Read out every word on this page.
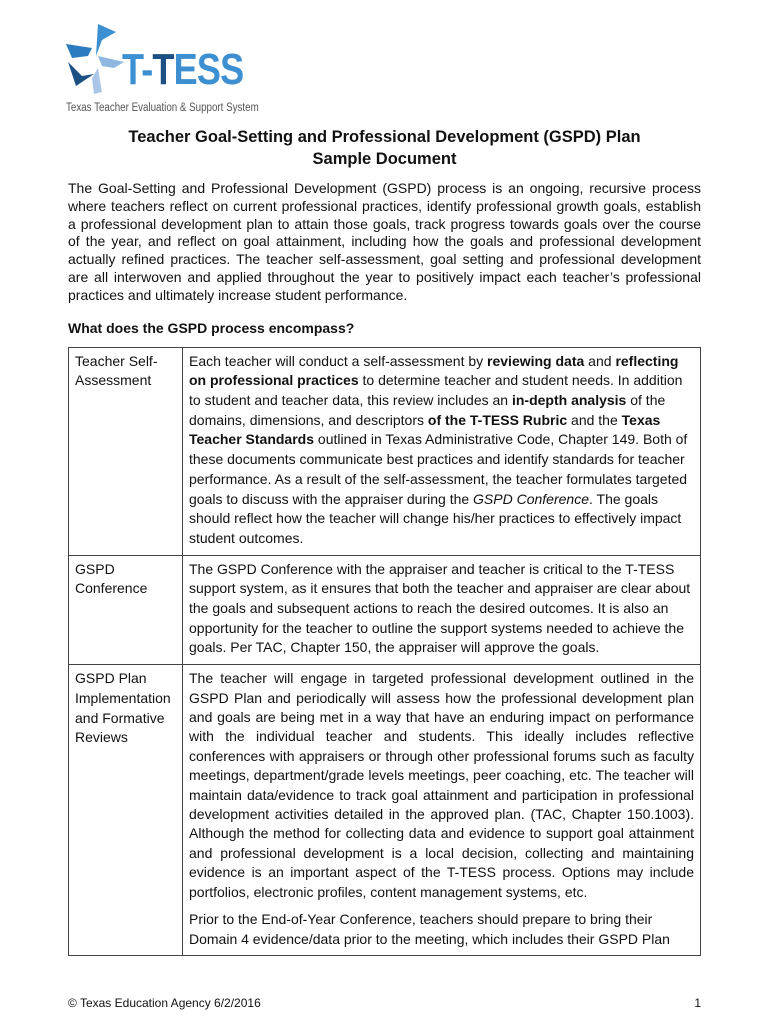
T-TESS
Texas Teacher Evaluation & Support System
Teacher Goal-Setting and Professional Development (GSPD) Plan
Sample Document

The Goal-Setting and Professional Development (GSPD) process is an ongoing, recursive process where teachers reflect on current professional practices, identify professional growth goals, establish a professional development plan to attain those goals, track progress towards goals over the course of the year, and reflect on goal attainment, including how the goals and professional development actually refined practices. The teacher self-assessment, goal setting and professional development are all interwoven and applied throughout the year to positively impact each teacher’s professional practices and ultimately increase student performance.

What does the GSPD process encompass?
Teacher Self-Assessment	Each teacher will conduct a self-assessment by reviewing data and reflecting on professional practices to determine teacher and student needs. In addition to student and teacher data, this review includes an in-depth analysis of the domains, dimensions, and descriptors of the T-TESS Rubric and the Texas Teacher Standards outlined in Texas Administrative Code, Chapter 149. Both of these documents communicate best practices and identify standards for teacher performance. As a result of the self-assessment, the teacher formulates targeted goals to discuss with the appraiser during the GSPD Conference. The goals should reflect how the teacher will change his/her practices to effectively impact student outcomes.

GSPD Conference	The GSPD Conference with the appraiser and teacher is critical to the T-TESS support system, as it ensures that both the teacher and appraiser are clear about the goals and subsequent actions to reach the desired outcomes. It is also an opportunity for the teacher to outline the support systems needed to achieve the goals. Per TAC, Chapter 150, the appraiser will approve the goals.

GSPD Plan Implementation and Formative Reviews	The teacher will engage in targeted professional development outlined in the GSPD Plan and periodically will assess how the professional development plan and goals are being met in a way that have an enduring impact on performance with the individual teacher and students. This ideally includes reflective conferences with appraisers or through other professional forums such as faculty meetings, department/grade levels meetings, peer coaching, etc. The teacher will maintain data/evidence to track goal attainment and participation in professional development activities detailed in the approved plan. (TAC, Chapter 150.1003). Although the method for collecting data and evidence to support goal attainment and professional development is a local decision, collecting and maintaining evidence is an important aspect of the T-TESS process. Options may include portfolios, electronic profiles, content management systems, etc.

Prior to the End-of-Year Conference, teachers should prepare to bring their Domain 4 evidence/data prior to the meeting, which includes their GSPD Plan

© Texas Education Agency 6/2/2016	1
